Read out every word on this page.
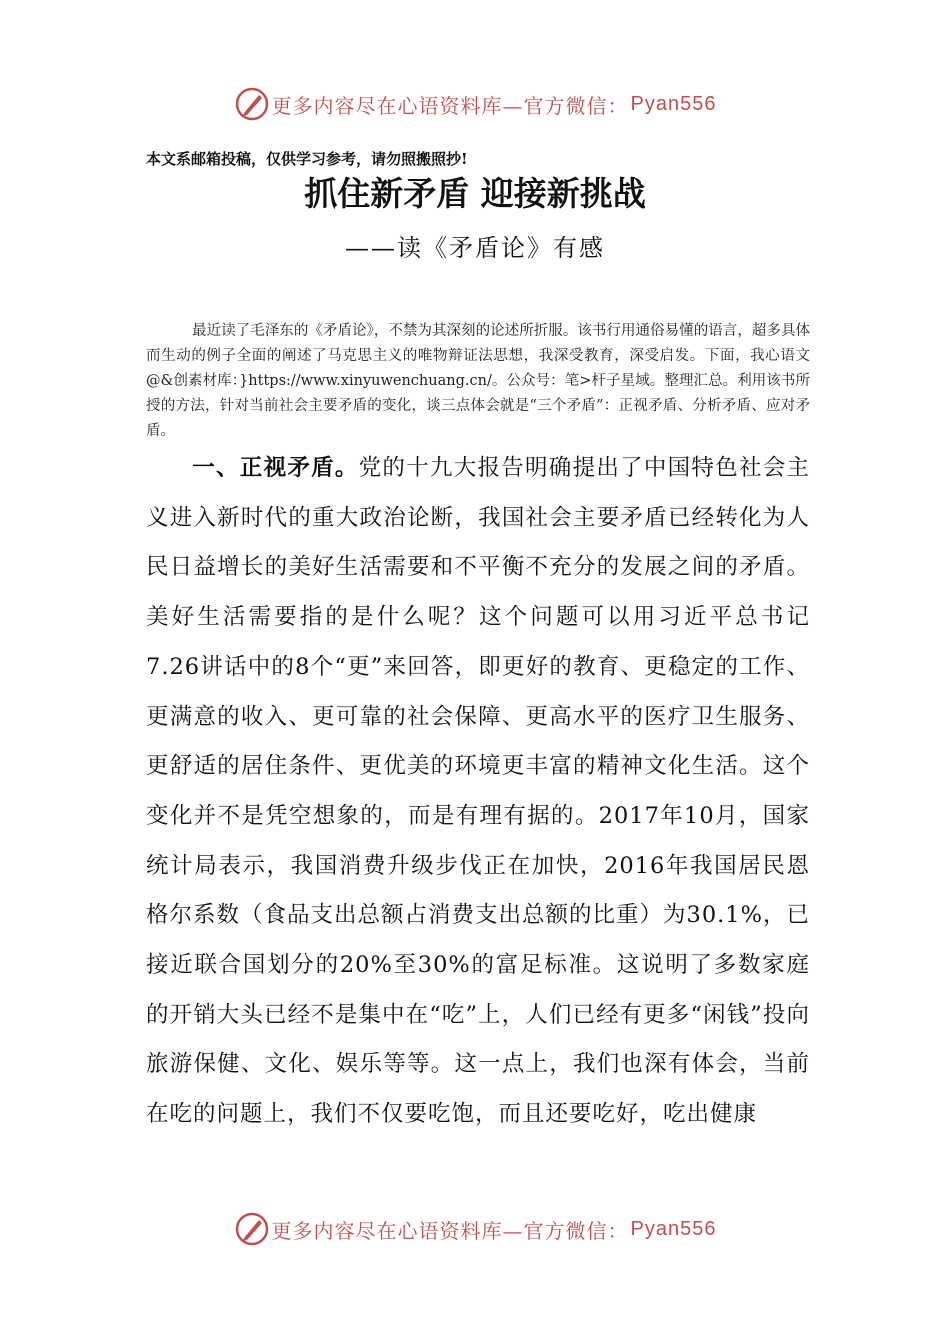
更多内容尽在心语资料库—官方微信： Pyan556
本文系邮箱投稿，仅供学习参考，请勿照搬照抄!
抓住新矛盾 迎接新挑战
——读《矛盾论》有感

最近读了毛泽东的《矛盾论》，不禁为其深刻的论述所折服。该书行用通俗易懂的语言，超多具体而生动的例子全面的阐述了马克思主义的唯物辩证法思想，我深受教育，深受启发。下面，我心语文@&创素材库：}https://www.xinyuwenchuang.cn/。公众号：笔>杆子星域。整理汇总。利用该书所授的方法，针对当前社会主要矛盾的变化，谈三点体会就是“三个矛盾”：正视矛盾、分析矛盾、应对矛盾。

一、正视矛盾。党的十九大报告明确提出了中国特色社会主义进入新时代的重大政治论断，我国社会主要矛盾已经转化为人民日益增长的美好生活需要和不平衡不充分的发展之间的矛盾。美好生活需要指的是什么呢？这个问题可以用习近平总书记7.26讲话中的8个“更”来回答，即更好的教育、更稳定的工作、更满意的收入、更可靠的社会保障、更高水平的医疗卫生服务、更舒适的居住条件、更优美的环境更丰富的精神文化生活。这个变化并不是凭空想象的，而是有理有据的。2017年10月，国家统计局表示，我国消费升级步伐正在加快，2016年我国居民恩格尔系数（食品支出总额占消费支出总额的比重）为30.1%，已接近联合国划分的20%至30%的富足标准。这说明了多数家庭的开销大头已经不是集中在“吃”上，人们已经有更多“闲钱”投向旅游保健、文化、娱乐等等。这一点上，我们也深有体会，当前在吃的问题上，我们不仅要吃饱，而且还要吃好，吃出健康

更多内容尽在心语资料库—官方微信： Pyan556
